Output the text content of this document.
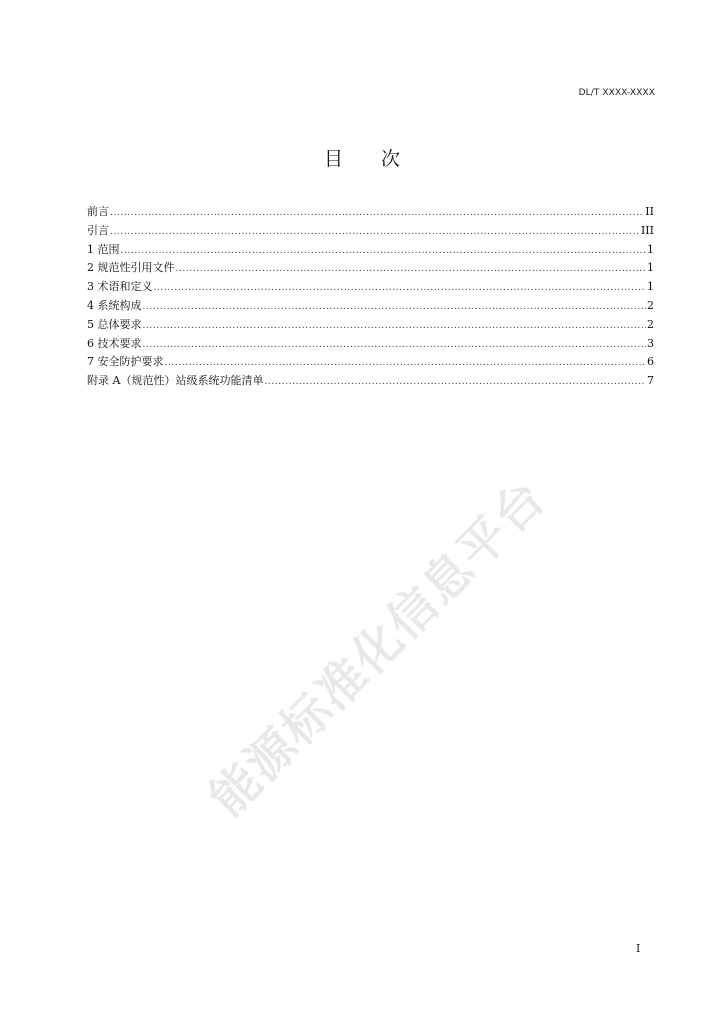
DL/T XXXX-XXXX
目 次
前言 .....	II
引言 .....	III
1 范围 .....	1
2 规范性引用文件 .....	1
3 术语和定义 .....	1
4 系统构成 .....	2
5 总体要求 .....	2
6 技术要求 .....	3
7 安全防护要求 .....	6
附录 A（规范性）站级系统功能清单 .....	7
能源标准化信息平台
I
